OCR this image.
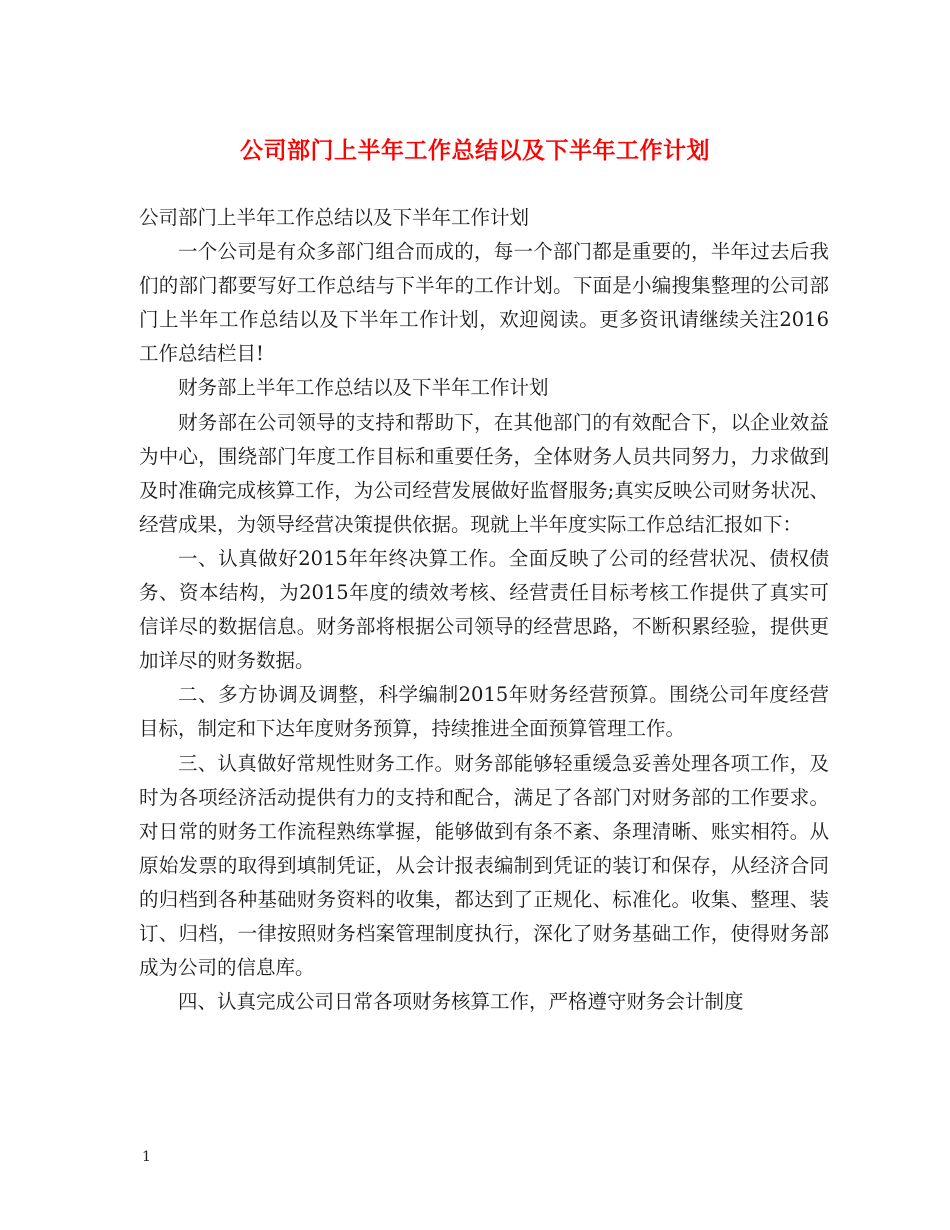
公司部门上半年工作总结以及下半年工作计划

公司部门上半年工作总结以及下半年工作计划

一个公司是有众多部门组合而成的，每一个部门都是重要的，半年过去后我们的部门都要写好工作总结与下半年的工作计划。下面是小编搜集整理的公司部门上半年工作总结以及下半年工作计划，欢迎阅读。更多资讯请继续关注2016工作总结栏目!

财务部上半年工作总结以及下半年工作计划

财务部在公司领导的支持和帮助下，在其他部门的有效配合下，以企业效益为中心，围绕部门年度工作目标和重要任务，全体财务人员共同努力，力求做到及时准确完成核算工作，为公司经营发展做好监督服务;真实反映公司财务状况、经营成果，为领导经营决策提供依据。现就上半年度实际工作总结汇报如下：

一、认真做好2015年年终决算工作。全面反映了公司的经营状况、债权债务、资本结构，为2015年度的绩效考核、经营责任目标考核工作提供了真实可信详尽的数据信息。财务部将根据公司领导的经营思路，不断积累经验，提供更加详尽的财务数据。

二、多方协调及调整，科学编制2015年财务经营预算。围绕公司年度经营目标，制定和下达年度财务预算，持续推进全面预算管理工作。

三、认真做好常规性财务工作。财务部能够轻重缓急妥善处理各项工作，及时为各项经济活动提供有力的支持和配合，满足了各部门对财务部的工作要求。对日常的财务工作流程熟练掌握，能够做到有条不紊、条理清晰、账实相符。从原始发票的取得到填制凭证，从会计报表编制到凭证的装订和保存，从经济合同的归档到各种基础财务资料的收集，都达到了正规化、标准化。收集、整理、装订、归档，一律按照财务档案管理制度执行，深化了财务基础工作，使得财务部成为公司的信息库。

四、认真完成公司日常各项财务核算工作，严格遵守财务会计制度

1
